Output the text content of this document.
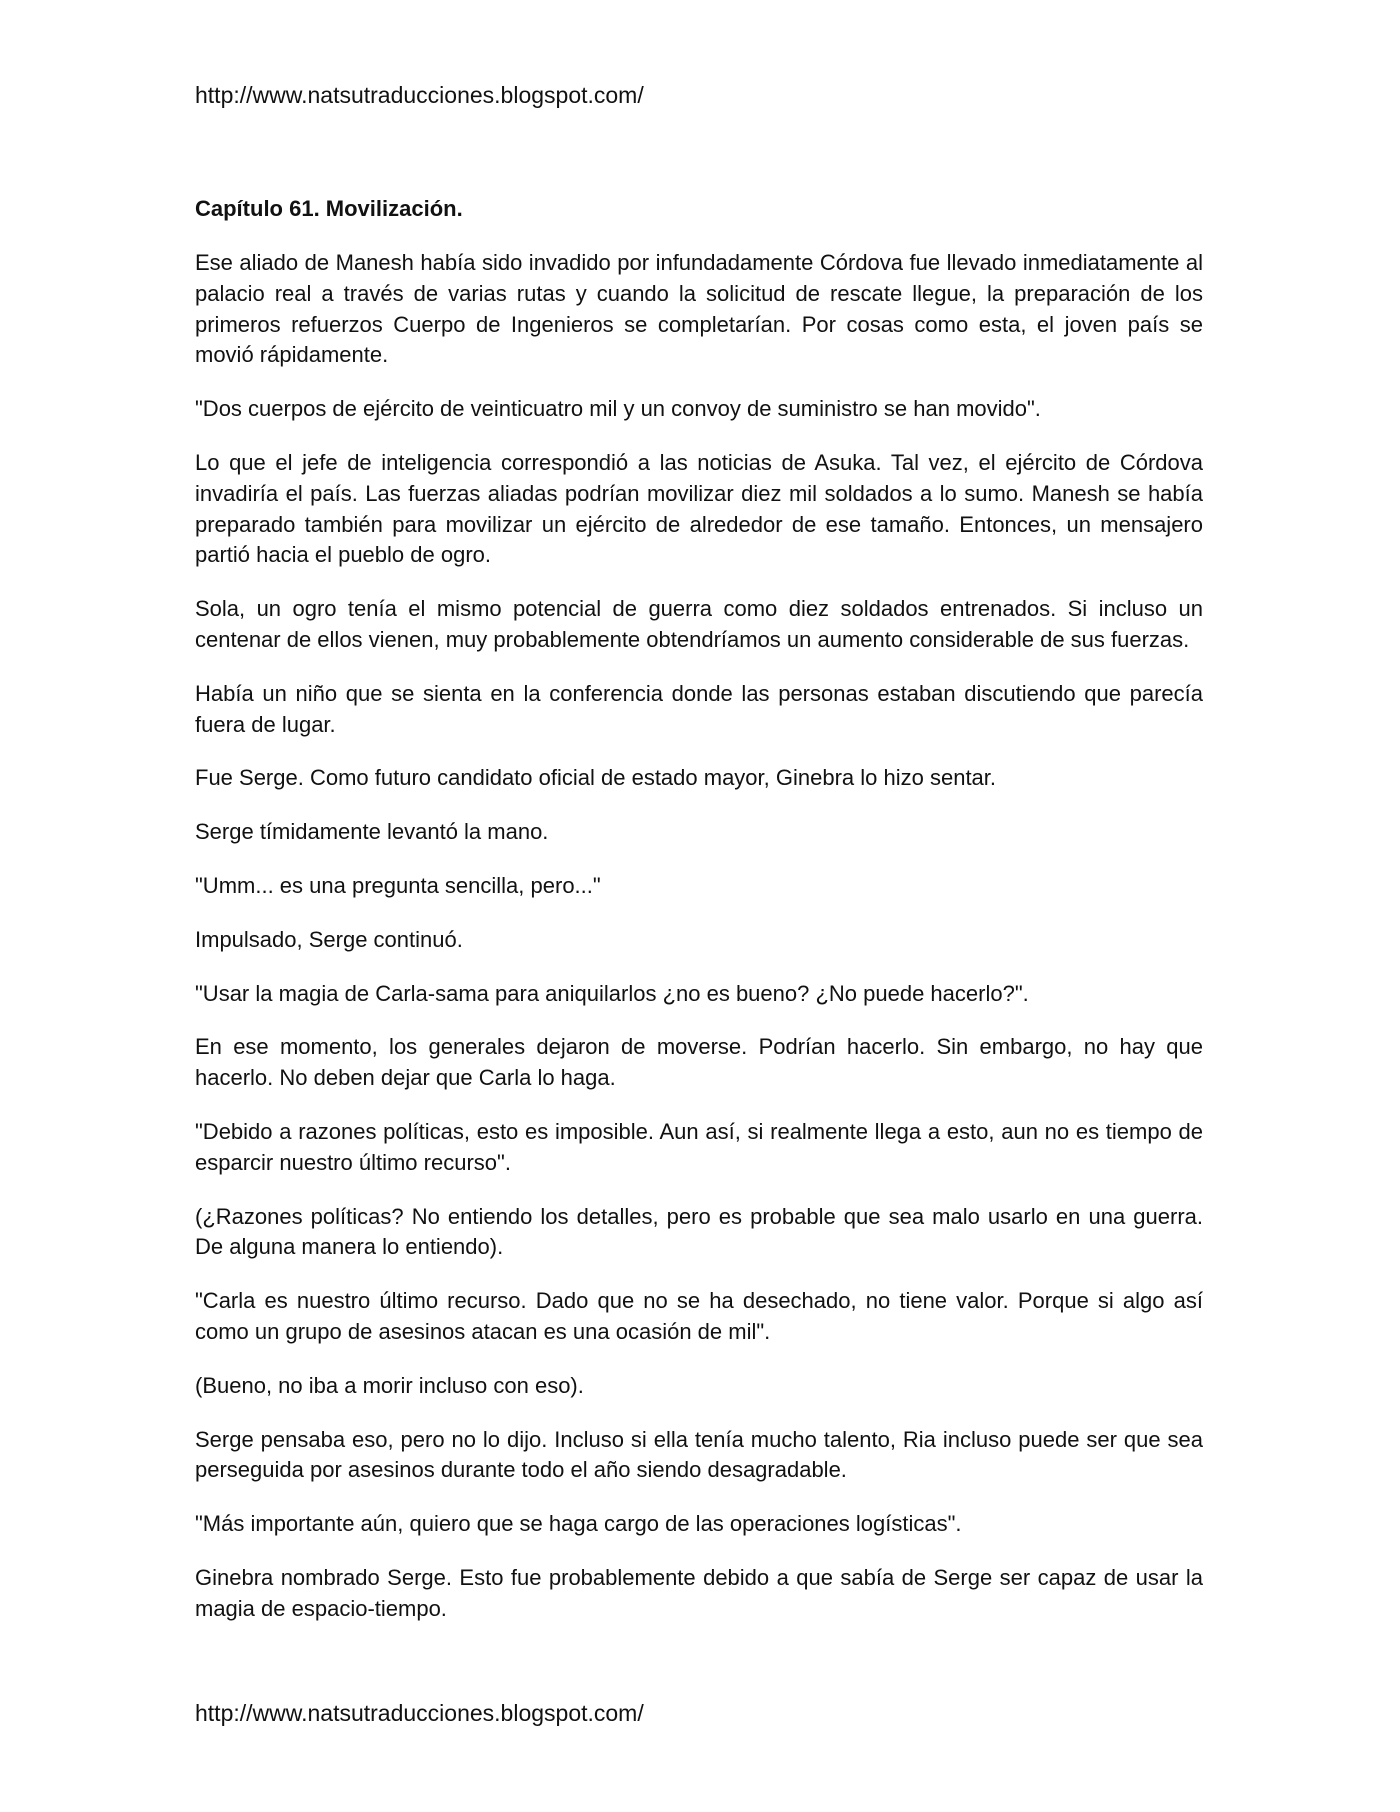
http://www.natsutraducciones.blogspot.com/

Capítulo 61. Movilización.

Ese aliado de Manesh había sido invadido por infundadamente Córdova fue llevado inmediatamente al palacio real a través de varias rutas y cuando la solicitud de rescate llegue, la preparación de los primeros refuerzos Cuerpo de Ingenieros se completarían. Por cosas como esta, el joven país se movió rápidamente.

"Dos cuerpos de ejército de veinticuatro mil y un convoy de suministro se han movido".

Lo que el jefe de inteligencia correspondió a las noticias de Asuka. Tal vez, el ejército de Córdova invadiría el país. Las fuerzas aliadas podrían movilizar diez mil soldados a lo sumo. Manesh se había preparado también para movilizar un ejército de alrededor de ese tamaño. Entonces, un mensajero partió hacia el pueblo de ogro.

Sola, un ogro tenía el mismo potencial de guerra como diez soldados entrenados. Si incluso un centenar de ellos vienen, muy probablemente obtendríamos un aumento considerable de sus fuerzas.

Había un niño que se sienta en la conferencia donde las personas estaban discutiendo que parecía fuera de lugar.

Fue Serge. Como futuro candidato oficial de estado mayor, Ginebra lo hizo sentar.

Serge tímidamente levantó la mano.

"Umm... es una pregunta sencilla, pero..."

Impulsado, Serge continuó.

"Usar la magia de Carla-sama para aniquilarlos ¿no es bueno? ¿No puede hacerlo?".

En ese momento, los generales dejaron de moverse. Podrían hacerlo. Sin embargo, no hay que hacerlo. No deben dejar que Carla lo haga.

"Debido a razones políticas, esto es imposible. Aun así, si realmente llega a esto, aun no es tiempo de esparcir nuestro último recurso".

(¿Razones políticas? No entiendo los detalles, pero es probable que sea malo usarlo en una guerra. De alguna manera lo entiendo).

"Carla es nuestro último recurso. Dado que no se ha desechado, no tiene valor. Porque si algo así como un grupo de asesinos atacan es una ocasión de mil".

(Bueno, no iba a morir incluso con eso).

Serge pensaba eso, pero no lo dijo. Incluso si ella tenía mucho talento, Ria incluso puede ser que sea perseguida por asesinos durante todo el año siendo desagradable.

"Más importante aún, quiero que se haga cargo de las operaciones logísticas".

Ginebra nombrado Serge. Esto fue probablemente debido a que sabía de Serge ser capaz de usar la magia de espacio-tiempo.

http://www.natsutraducciones.blogspot.com/
